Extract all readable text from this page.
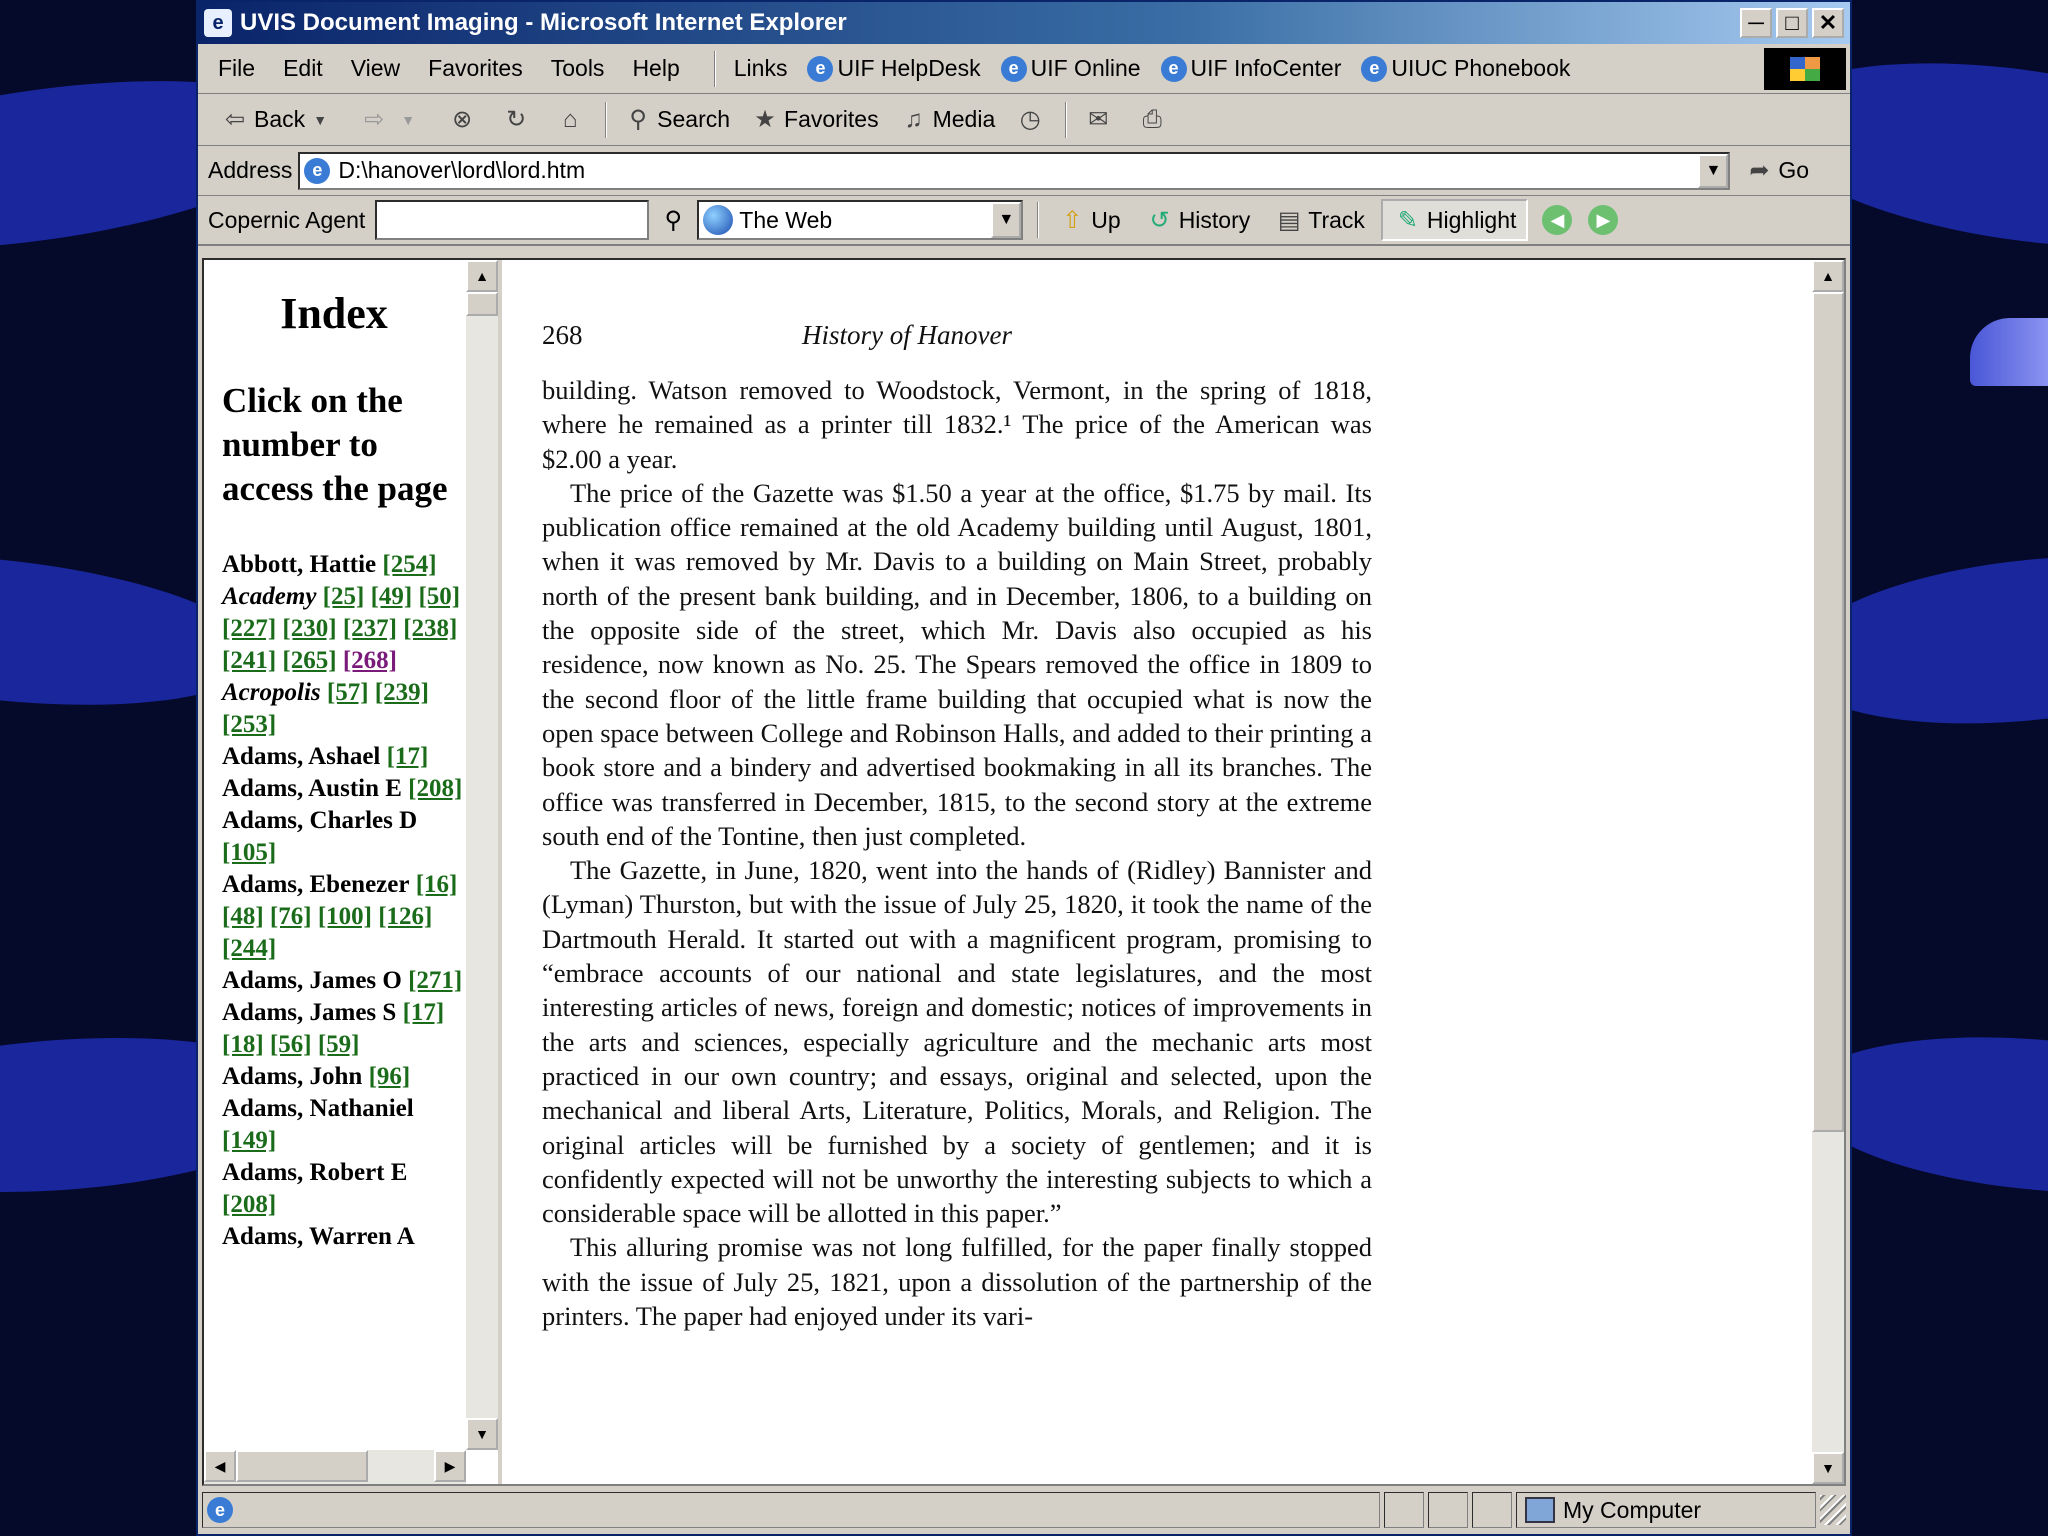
e UVIS Document Imaging - Microsoft Internet Explorer	─ □ ✕
File	Edit	View	Favorites	Tools	Help	Links	e UIF HelpDesk	e UIF Online	e UIF InfoCenter	e UIUC Phonebook
⇦ Back ▼	⇨	▼	⊗ ↻	⌂	⚲ Search ★ Favorites ♫ Media ◷ ✉ ⎙
Address	e D:\hanover\lord\lord.htm	▼ ➦ Go
Copernic Agent	⚲ The Web	▼ ⇧ Up ↺ History ▤ Track ✎ Highlight	◀	▶
Index
Click on the number to access the page
Abbott, Hattie [254]
Academy [25] [49] [50] [227] [230] [237] [238] [241] [265] [268]
Acropolis [57] [239] [253]
Adams, Ashael [17]
Adams, Austin E [208]
Adams, Charles D [105]
Adams, Ebenezer [16] [48] [76] [100] [126] [244]
Adams, James O [271]
Adams, James S [17] [18] [56] [59]
Adams, John [96]
Adams, Nathaniel [149]
Adams, Robert E [208]
Adams, Warren A
▲
▼
◀	▶
268	History of Hanover

building. Watson removed to Woodstock, Vermont, in the spring of 1818, where he remained as a printer till 1832.¹ The price of the American was $2.00 a year.

The price of the Gazette was $1.50 a year at the office, $1.75 by mail. Its publication office remained at the old Academy building until August, 1801, when it was removed by Mr. Davis to a building on Main Street, probably north of the present bank building, and in December, 1806, to a building on the opposite side of the street, which Mr. Davis also occupied as his residence, now known as No. 25. The Spears removed the office in 1809 to the second floor of the little frame building that occupied what is now the open space between College and Robinson Halls, and added to their printing a book store and a bindery and advertised bookmaking in all its branches. The office was transferred in December, 1815, to the second story at the extreme south end of the Tontine, then just completed.

The Gazette, in June, 1820, went into the hands of (Ridley) Bannister and (Lyman) Thurston, but with the issue of July 25, 1820, it took the name of the Dartmouth Herald. It started out with a magnificent program, promising to “embrace accounts of our national and state legislatures, and the most interesting articles of news, foreign and domestic; notices of improvements in the arts and sciences, especially agriculture and the mechanic arts most practiced in our own country; and essays, original and selected, upon the mechanical and liberal Arts, Literature, Politics, Morals, and Religion. The original articles will be furnished by a society of gentlemen; and it is confidently expected will not be unworthy the interesting subjects to which a considerable space will be allotted in this paper.”

This alluring promise was not long fulfilled, for the paper finally stopped with the issue of July 25, 1821, upon a dissolution of the partnership of the printers. The paper had enjoyed under its vari-

▲
▼
e	My Computer
